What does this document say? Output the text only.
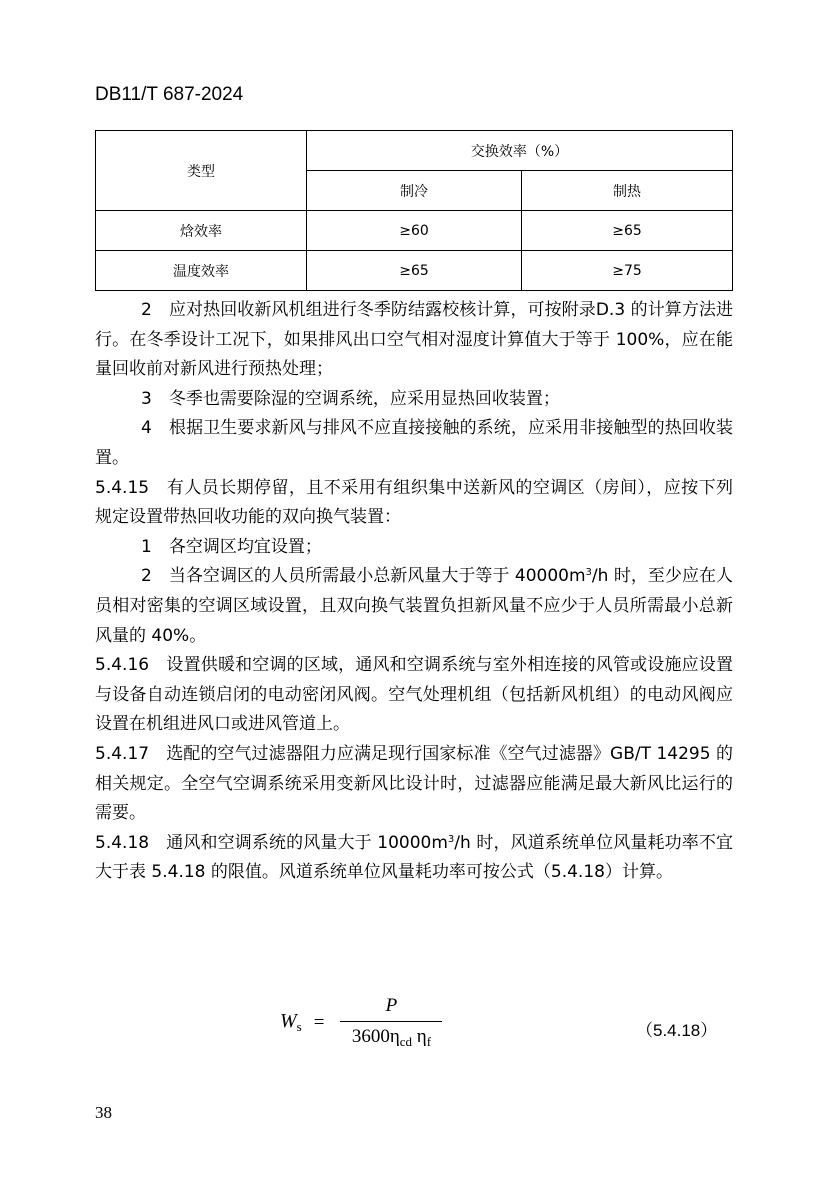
DB11/T 687-2024
类型	交换效率（%）	
	制冷	制热
焓效率	≥60	≥65
温度效率	≥65	≥75

2　应对热回收新风机组进行冬季防结露校核计算，可按附录D.3 的计算方法进行。在冬季设计工况下，如果排风出口空气相对湿度计算值大于等于 100%，应在能量回收前对新风进行预热处理；

3　冬季也需要除湿的空调系统，应采用显热回收装置；

4　根据卫生要求新风与排风不应直接接触的系统，应采用非接触型的热回收装置。

5.4.15　有人员长期停留，且不采用有组织集中送新风的空调区（房间），应按下列规定设置带热回收功能的双向换气装置：

1　各空调区均宜设置；

2　当各空调区的人员所需最小总新风量大于等于 $40000m^3/h$ 时，至少应在人员相对密集的空调区域设置，且双向换气装置负担新风量不应少于人员所需最小总新风量的 40%。

5.4.16　设置供暖和空调的区域，通风和空调系统与室外相连接的风管或设施应设置与设备自动连锁启闭的电动密闭风阀。空气处理机组（包括新风机组）的电动风阀应设置在机组进风口或进风管道上。

5.4.17　选配的空气过滤器阻力应满足现行国家标准《空气过滤器》GB/T 14295 的相关规定。全空气空调系统采用变新风比设计时，过滤器应能满足最大新风比运行的需要。

5.4.18　通风和空调系统的风量大于 $10000m^3/h$ 时，风道系统单位风量耗功率不宜大于表 5.4.18 的限值。风道系统单位风量耗功率可按公式（5.4.18）计算。

$W_s = \frac{P}{3600\eta_{cd} \eta_f}$	（5.4.18）
38
